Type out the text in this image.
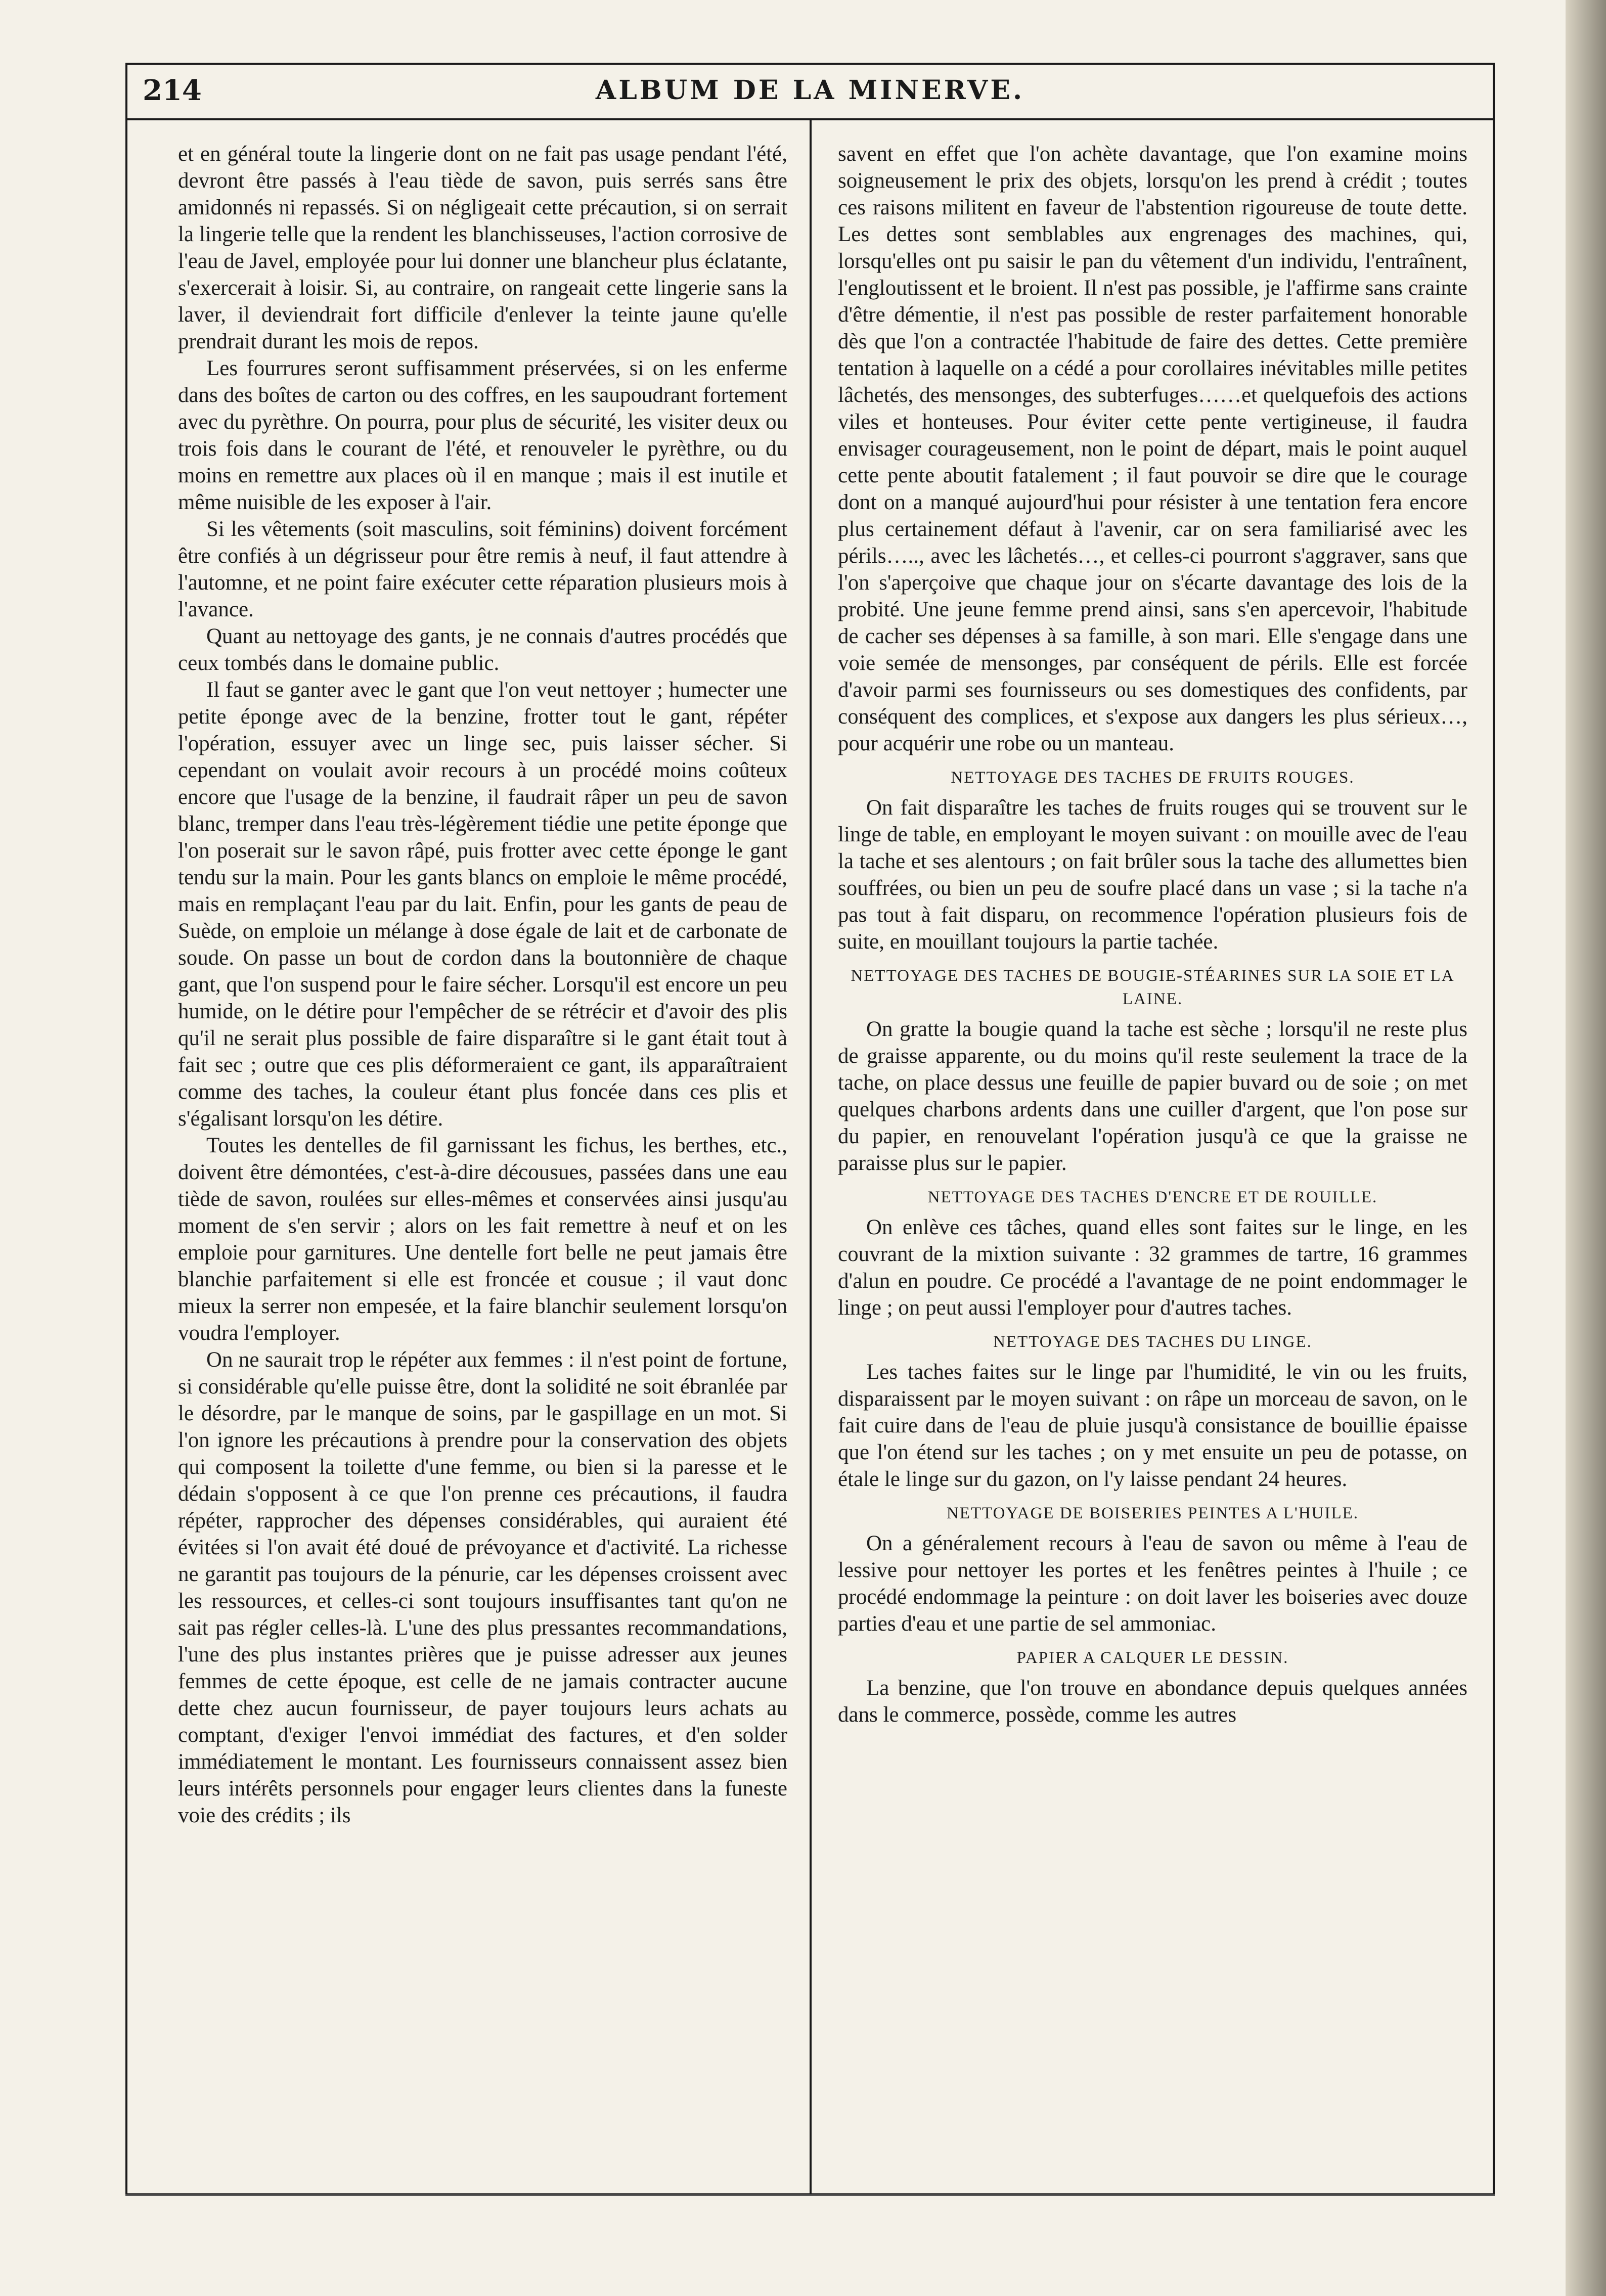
214	ALBUM DE LA MINERVE.

et en général toute la lingerie dont on ne fait pas usage pendant l'été, devront être passés à l'eau tiède de savon, puis serrés sans être amidonnés ni repassés. Si on négligeait cette précaution, si on serrait la lingerie telle que la rendent les blanchisseuses, l'action corrosive de l'eau de Javel, employée pour lui donner une blancheur plus éclatante, s'exercerait à loisir. Si, au contraire, on rangeait cette lingerie sans la laver, il deviendrait fort difficile d'enlever la teinte jaune qu'elle prendrait durant les mois de repos.

Les fourrures seront suffisamment préservées, si on les enferme dans des boîtes de carton ou des coffres, en les saupoudrant fortement avec du pyrèthre. On pourra, pour plus de sécurité, les visiter deux ou trois fois dans le courant de l'été, et renouveler le pyrèthre, ou du moins en remettre aux places où il en manque ; mais il est inutile et même nuisible de les exposer à l'air.

Si les vêtements (soit masculins, soit féminins) doivent forcément être confiés à un dégrisseur pour être remis à neuf, il faut attendre à l'automne, et ne point faire exécuter cette réparation plusieurs mois à l'avance.

Quant au nettoyage des gants, je ne connais d'autres procédés que ceux tombés dans le domaine public.

Il faut se ganter avec le gant que l'on veut nettoyer ; humecter une petite éponge avec de la benzine, frotter tout le gant, répéter l'opération, essuyer avec un linge sec, puis laisser sécher. Si cependant on voulait avoir recours à un procédé moins coûteux encore que l'usage de la benzine, il faudrait râper un peu de savon blanc, tremper dans l'eau très-légèrement tiédie une petite éponge que l'on poserait sur le savon râpé, puis frotter avec cette éponge le gant tendu sur la main. Pour les gants blancs on emploie le même procédé, mais en remplaçant l'eau par du lait. Enfin, pour les gants de peau de Suède, on emploie un mélange à dose égale de lait et de carbonate de soude. On passe un bout de cordon dans la boutonnière de chaque gant, que l'on suspend pour le faire sécher. Lorsqu'il est encore un peu humide, on le détire pour l'empêcher de se rétrécir et d'avoir des plis qu'il ne serait plus possible de faire disparaître si le gant était tout à fait sec ; outre que ces plis déformeraient ce gant, ils apparaîtraient comme des taches, la couleur étant plus foncée dans ces plis et s'égalisant lorsqu'on les détire.

Toutes les dentelles de fil garnissant les fichus, les berthes, etc., doivent être démontées, c'est-à-dire décousues, passées dans une eau tiède de savon, roulées sur elles-mêmes et conservées ainsi jusqu'au moment de s'en servir ; alors on les fait remettre à neuf et on les emploie pour garnitures. Une dentelle fort belle ne peut jamais être blanchie parfaitement si elle est froncée et cousue ; il vaut donc mieux la serrer non empesée, et la faire blanchir seulement lorsqu'on voudra l'employer.

On ne saurait trop le répéter aux femmes : il n'est point de fortune, si considérable qu'elle puisse être, dont la solidité ne soit ébranlée par le désordre, par le manque de soins, par le gaspillage en un mot. Si l'on ignore les précautions à prendre pour la conservation des objets qui composent la toilette d'une femme, ou bien si la paresse et le dédain s'opposent à ce que l'on prenne ces précautions, il faudra répéter, rapprocher des dépenses considérables, qui auraient été évitées si l'on avait été doué de prévoyance et d'activité. La richesse ne garantit pas toujours de la pénurie, car les dépenses croissent avec les ressources, et celles-ci sont toujours insuffisantes tant qu'on ne sait pas régler celles-là. L'une des plus pressantes recommandations, l'une des plus instantes prières que je puisse adresser aux jeunes femmes de cette époque, est celle de ne jamais contracter aucune dette chez aucun fournisseur, de payer toujours leurs achats au comptant, d'exiger l'envoi immédiat des factures, et d'en solder immédiatement le montant. Les fournisseurs connaissent assez bien leurs intérêts personnels pour engager leurs clientes dans la funeste voie des crédits ; ils

savent en effet que l'on achète davantage, que l'on examine moins soigneusement le prix des objets, lorsqu'on les prend à crédit ; toutes ces raisons militent en faveur de l'abstention rigoureuse de toute dette. Les dettes sont semblables aux engrenages des machines, qui, lorsqu'elles ont pu saisir le pan du vêtement d'un individu, l'entraînent, l'engloutissent et le broient. Il n'est pas possible, je l'affirme sans crainte d'être démentie, il n'est pas possible de rester parfaitement honorable dès que l'on a contractée l'habitude de faire des dettes. Cette première tentation à laquelle on a cédé a pour corollaires inévitables mille petites lâchetés, des mensonges, des subterfuges……et quelquefois des actions viles et honteuses. Pour éviter cette pente vertigineuse, il faudra envisager courageusement, non le point de départ, mais le point auquel cette pente aboutit fatalement ; il faut pouvoir se dire que le courage dont on a manqué aujourd'hui pour résister à une tentation fera encore plus certainement défaut à l'avenir, car on sera familiarisé avec les périls….., avec les lâchetés…, et celles-ci pourront s'aggraver, sans que l'on s'aperçoive que chaque jour on s'écarte davantage des lois de la probité. Une jeune femme prend ainsi, sans s'en apercevoir, l'habitude de cacher ses dépenses à sa famille, à son mari. Elle s'engage dans une voie semée de mensonges, par conséquent de périls. Elle est forcée d'avoir parmi ses fournisseurs ou ses domestiques des confidents, par conséquent des complices, et s'expose aux dangers les plus sérieux…, pour acquérir une robe ou un manteau.

NETTOYAGE DES TACHES DE FRUITS ROUGES.

On fait disparaître les taches de fruits rouges qui se trouvent sur le linge de table, en employant le moyen suivant : on mouille avec de l'eau la tache et ses alentours ; on fait brûler sous la tache des allumettes bien souffrées, ou bien un peu de soufre placé dans un vase ; si la tache n'a pas tout à fait disparu, on recommence l'opération plusieurs fois de suite, en mouillant toujours la partie tachée.

NETTOYAGE DES TACHES DE BOUGIE-STÉARINES SUR LA SOIE ET LA LAINE.

On gratte la bougie quand la tache est sèche ; lorsqu'il ne reste plus de graisse apparente, ou du moins qu'il reste seulement la trace de la tache, on place dessus une feuille de papier buvard ou de soie ; on met quelques charbons ardents dans une cuiller d'argent, que l'on pose sur du papier, en renouvelant l'opération jusqu'à ce que la graisse ne paraisse plus sur le papier.

NETTOYAGE DES TACHES D'ENCRE ET DE ROUILLE.

On enlève ces tâches, quand elles sont faites sur le linge, en les couvrant de la mixtion suivante : 32 grammes de tartre, 16 grammes d'alun en poudre. Ce procédé a l'avantage de ne point endommager le linge ; on peut aussi l'employer pour d'autres taches.

NETTOYAGE DES TACHES DU LINGE.

Les taches faites sur le linge par l'humidité, le vin ou les fruits, disparaissent par le moyen suivant : on râpe un morceau de savon, on le fait cuire dans de l'eau de pluie jusqu'à consistance de bouillie épaisse que l'on étend sur les taches ; on y met ensuite un peu de potasse, on étale le linge sur du gazon, on l'y laisse pendant 24 heures.

NETTOYAGE DE BOISERIES PEINTES A L'HUILE.

On a généralement recours à l'eau de savon ou même à l'eau de lessive pour nettoyer les portes et les fenêtres peintes à l'huile ; ce procédé endommage la peinture : on doit laver les boiseries avec douze parties d'eau et une partie de sel ammoniac.

PAPIER A CALQUER LE DESSIN.

La benzine, que l'on trouve en abondance depuis quelques années dans le commerce, possède, comme les autres
